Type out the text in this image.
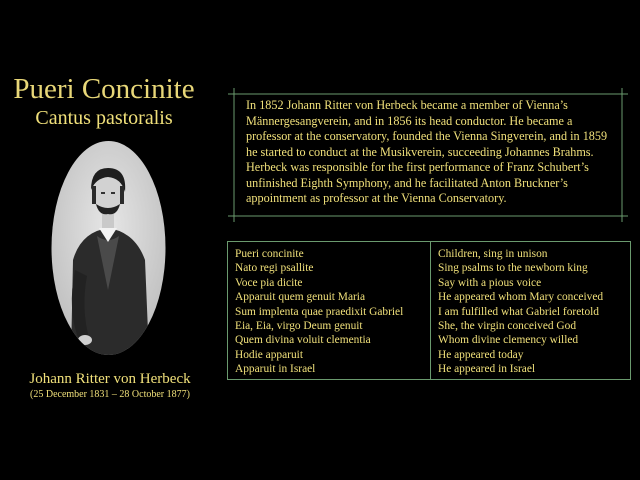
Pueri Concinite
Cantus pastoralis
Johann Ritter von Herbeck
(25 December 1831 – 28 October 1877)
In 1852 Johann Ritter von Herbeck became a member of Vienna’s Männergesangverein, and in 1856 its head conductor. He became a professor at the conservatory, founded the Vienna Singverein, and in 1859 he started to conduct at the Musikverein, succeeding Johannes Brahms. Herbeck was responsible for the first performance of Franz Schubert’s unfinished Eighth Symphony, and he facilitated Anton Bruckner’s appointment as professor at the Vienna Conservatory.
Pueri concinite
Nato regi psallite
Voce pia dicite
Apparuit quem genuit Maria
Sum implenta quae praedixit Gabriel
Eia, Eia, virgo Deum genuit
Quem divina voluit clementia
Hodie apparuit
Apparuit in Israel
Children, sing in unison
Sing psalms to the newborn king
Say with a pious voice
He appeared whom Mary conceived
I am fulfilled what Gabriel foretold
She, the virgin conceived God
Whom divine clemency willed
He appeared today
He appeared in Israel
